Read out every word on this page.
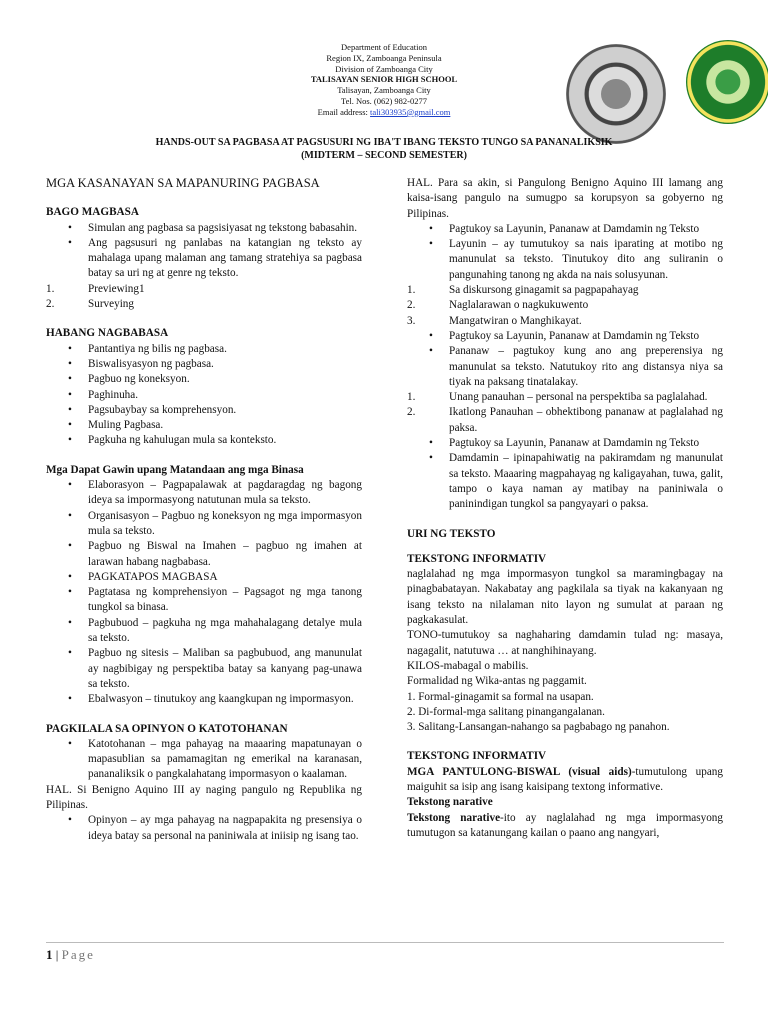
Department of Education
Region IX, Zamboanga Peninsula
Division of Zamboanga City
TALISAYAN SENIOR HIGH SCHOOL
Talisayan, Zamboanga City
Tel. Nos. (062) 982-0277
Email address: tali303935@gmail.com
HANDS-OUT SA PAGBASA AT PAGSUSURI NG IBA'T IBANG TEKSTO TUNGO SA PANANALIKSIK
(MIDTERM – SECOND SEMESTER)

MGA KASANAYAN SA MAPANURING PAGBASA

BAGO MAGBASA

• Simulan ang pagbasa sa pagsisiyasat ng tekstong babasahin.
• Ang pagsusuri ng panlabas na katangian ng teksto ay mahalaga upang malaman ang tamang stratehiya sa pagbasa batay sa uri ng at genre ng teksto.
1.	Previewing1
2.	Surveying

HABANG NAGBABASA

• Pantantiya ng bilis ng pagbasa.
• Biswalisyasyon ng pagbasa.
• Pagbuo ng koneksyon.
• Paghinuha.
• Pagsubaybay sa komprehensyon.
• Muling Pagbasa.
• Pagkuha ng kahulugan mula sa konteksto.

Mga Dapat Gawin upang Matandaan ang mga Binasa

• Elaborasyon – Pagpapalawak at pagdaragdag ng bagong ideya sa impormasyong natutunan mula sa teksto.
• Organisasyon – Pagbuo ng koneksyon ng mga impormasyon mula sa teksto.
• Pagbuo ng Biswal na Imahen – pagbuo ng imahen at larawan habang nagbabasa.
• PAGKATAPOS MAGBASA
• Pagtatasa ng komprehensiyon – Pagsagot ng mga tanong tungkol sa binasa.
• Pagbubuod – pagkuha ng mga mahahalagang detalye mula sa teksto.
• Pagbuo ng sitesis – Maliban sa pagbubuod, ang manunulat ay nagbibigay ng perspektiba batay sa kanyang pag-unawa sa teksto.
• Ebalwasyon – tinutukoy ang kaangkupan ng impormasyon.

PAGKILALA SA OPINYON O KATOTOHANAN

• Katotohanan – mga pahayag na maaaring mapatunayan o mapasublian sa pamamagitan ng emerikal na karanasan, pananaliksik o pangkalahatang impormasyon o kaalaman.

HAL. Si Benigno Aquino III ay naging pangulo ng Republika ng Pilipinas.

• Opinyon – ay mga pahayag na nagpapakita ng presensiya o ideya batay sa personal na paniniwala at iniisip ng isang tao.

HAL. Para sa akin, si Pangulong Benigno Aquino III lamang ang kaisa-isang pangulo na sumugpo sa korupsyon sa gobyerno ng Pilipinas.

• Pagtukoy sa Layunin, Pananaw at Damdamin ng Teksto
• Layunin – ay tumutukoy sa nais iparating at motibo ng manunulat sa teksto. Tinutukoy dito ang suliranin o pangunahing tanong ng akda na nais solusyunan.
1.	Sa diskursong ginagamit sa pagpapahayag
2.	Naglalarawan o nagkukuwento
3.	Mangatwiran o Manghikayat.
• Pagtukoy sa Layunin, Pananaw at Damdamin ng Teksto
• Pananaw – pagtukoy kung ano ang preperensiya ng manunulat sa teksto. Natutukoy rito ang distansya niya sa tiyak na paksang tinatalakay.
1.	Unang panauhan – personal na perspektiba sa paglalahad.
2.	Ikatlong Panauhan – obhektibong pananaw at paglalahad ng paksa.
• Pagtukoy sa Layunin, Pananaw at Damdamin ng Teksto
• Damdamin – ipinapahiwatig na pakiramdam ng manunulat sa teksto. Maaaring magpahayag ng kaligayahan, tuwa, galit, tampo o kaya naman ay matibay na paniniwala o paninindigan tungkol sa pangyayari o paksa.

URI NG TEKSTO

TEKSTONG INFORMATIV

naglalahad ng mga impormasyon tungkol sa maramingbagay na pinagbabatayan. Nakabatay ang pagkilala sa tiyak na kakanyaan ng isang teksto na nilalaman nito layon ng sumulat at paraan ng pagkakasulat.

TONO-tumutukoy sa naghaharing damdamin tulad ng: masaya, nagagalit, natutuwa … at nanghihinayang.

KILOS-mabagal o mabilis.

Formalidad ng Wika-antas ng paggamit.

1. Formal-ginagamit sa formal na usapan.

2. Di-formal-mga salitang pinangangalanan.

3. Salitang-Lansangan-nahango sa pagbabago ng panahon.

TEKSTONG INFORMATIV

MGA PANTULONG-BISWAL (visual aids)-tumutulong upang maiguhit sa isip ang isang kaisipang textong informative.

Tekstong narative

Tekstong narative-ito ay naglalahad ng mga impormasyong tumutugon sa katanungang kailan o paano ang nangyari,

1 | Page
